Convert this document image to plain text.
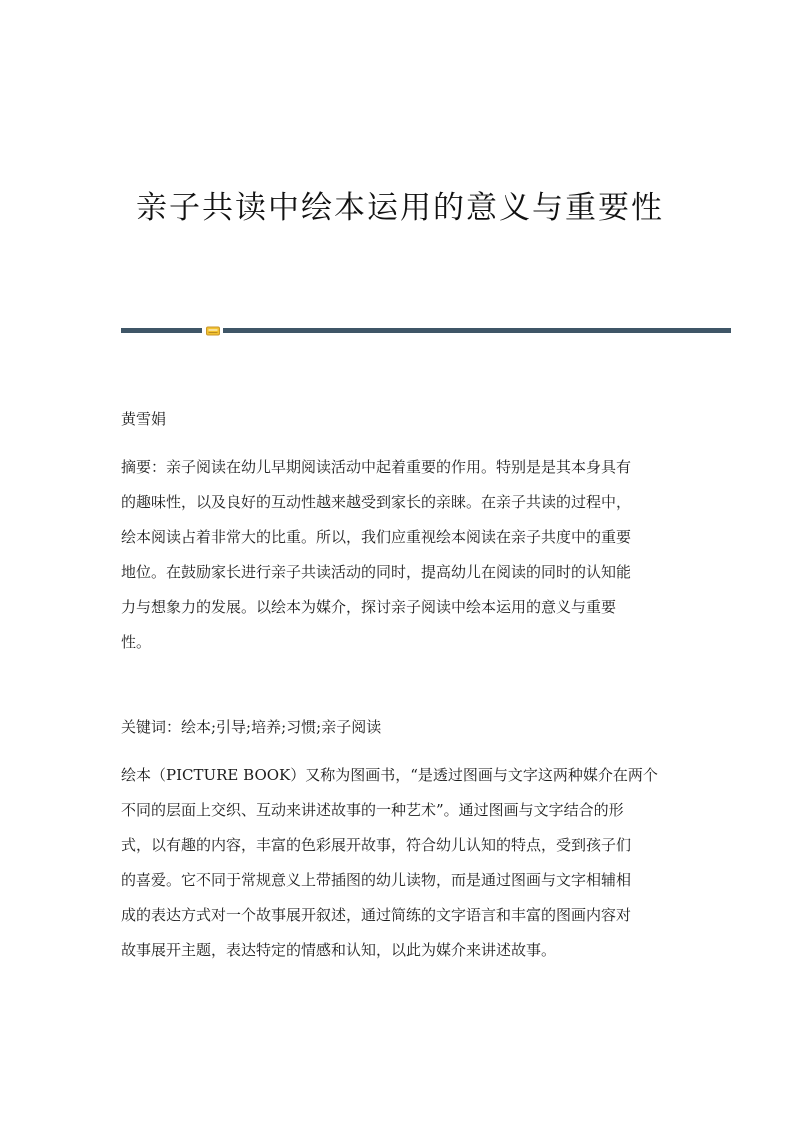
亲子共读中绘本运用的意义与重要性
黄雪娟
摘要：亲子阅读在幼儿早期阅读活动中起着重要的作用。特别是是其本身具有
的趣味性，以及良好的互动性越来越受到家长的亲睐。在亲子共读的过程中，
绘本阅读占着非常大的比重。所以，我们应重视绘本阅读在亲子共度中的重要
地位。在鼓励家长进行亲子共读活动的同时，提高幼儿在阅读的同时的认知能
力与想象力的发展。以绘本为媒介，探讨亲子阅读中绘本运用的意义与重要
性。
关键词：绘本;引导;培养;习惯;亲子阅读
绘本（PICTURE BOOK）又称为图画书，“是透过图画与文字这两种媒介在两个
不同的层面上交织、互动来讲述故事的一种艺术”。通过图画与文字结合的形
式，以有趣的内容，丰富的色彩展开故事，符合幼儿认知的特点，受到孩子们
的喜爱。它不同于常规意义上带插图的幼儿读物，而是通过图画与文字相辅相
成的表达方式对一个故事展开叙述，通过简练的文字语言和丰富的图画内容对
故事展开主题，表达特定的情感和认知，以此为媒介来讲述故事。
